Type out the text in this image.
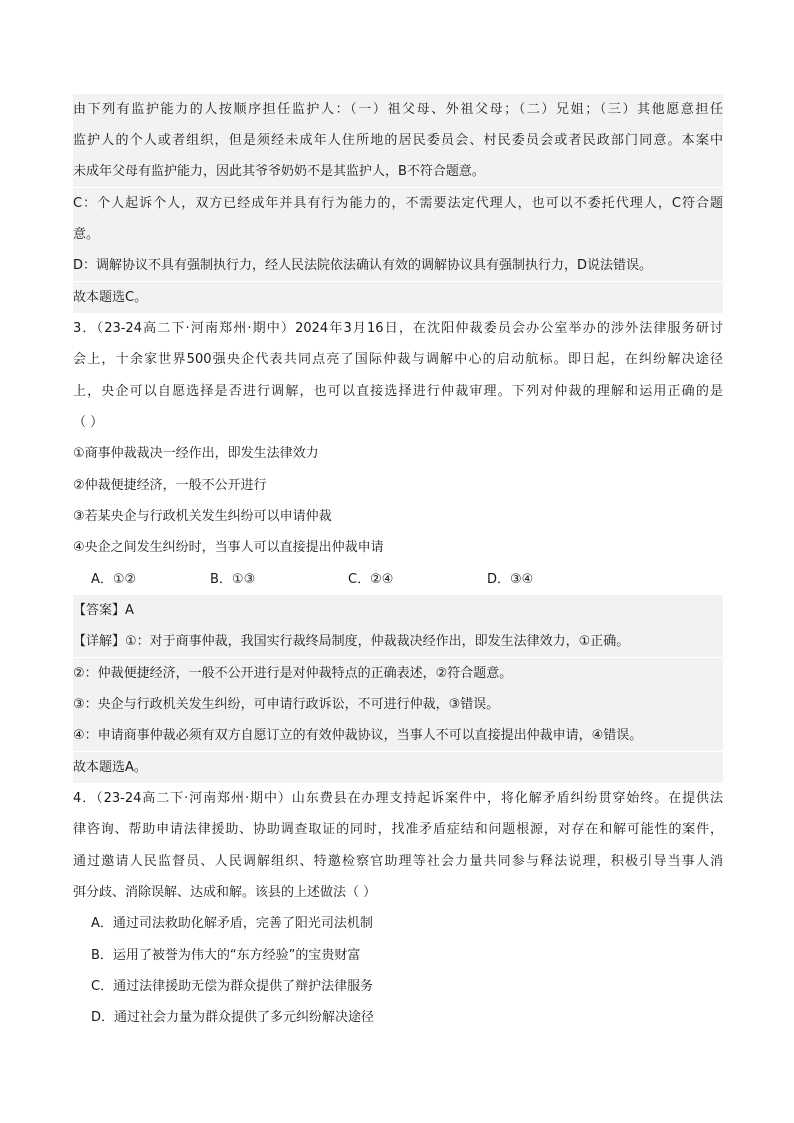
由下列有监护能力的人按顺序担任监护人：（一）祖父母、外祖父母；（二）兄姐；（三）其他愿意担任
监护人的个人或者组织，但是须经未成年人住所地的居民委员会、村民委员会或者民政部门同意。本案中
未成年父母有监护能力，因此其爷爷奶奶不是其监护人，B不符合题意。
C：个人起诉个人，双方已经成年并具有行为能力的，不需要法定代理人，也可以不委托代理人，C符合题
意。
D：调解协议不具有强制执行力，经人民法院依法确认有效的调解协议具有强制执行力，D说法错误。
故本题选C。
3．（23-24高二下·河南郑州·期中）2024年3月16日，在沈阳仲裁委员会办公室举办的涉外法律服务研讨
会上，十余家世界500强央企代表共同点亮了国际仲裁与调解中心的启动航标。即日起，在纠纷解决途径
上，央企可以自愿选择是否进行调解，也可以直接选择进行仲裁审理。下列对仲裁的理解和运用正确的是
（ ）
①商事仲裁裁决一经作出，即发生法律效力
②仲裁便捷经济，一般不公开进行
③若某央企与行政机关发生纠纷可以申请仲裁
④央企之间发生纠纷时，当事人可以直接提出仲裁申请
A．①②	B．①③	C．②④	D．③④
【答案】A
【详解】①：对于商事仲裁，我国实行裁终局制度，仲裁裁决经作出，即发生法律效力，①正确。
②：仲裁便捷经济，一般不公开进行是对仲裁特点的正确表述，②符合题意。
③：央企与行政机关发生纠纷，可申请行政诉讼，不可进行仲裁，③错误。
④：申请商事仲裁必须有双方自愿订立的有效仲裁协议，当事人不可以直接提出仲裁申请，④错误。
故本题选A。
4．（23-24高二下·河南郑州·期中）山东费县在办理支持起诉案件中，将化解矛盾纠纷贯穿始终。在提供法
律咨询、帮助申请法律援助、协助调查取证的同时，找准矛盾症结和问题根源，对存在和解可能性的案件，
通过邀请人民监督员、人民调解组织、特邀检察官助理等社会力量共同参与释法说理，积极引导当事人消
弭分歧、消除误解、达成和解。该县的上述做法（ ）
A．通过司法救助化解矛盾，完善了阳光司法机制
B．运用了被誉为伟大的“东方经验”的宝贵财富
C．通过法律援助无偿为群众提供了辩护法律服务
D．通过社会力量为群众提供了多元纠纷解决途径
